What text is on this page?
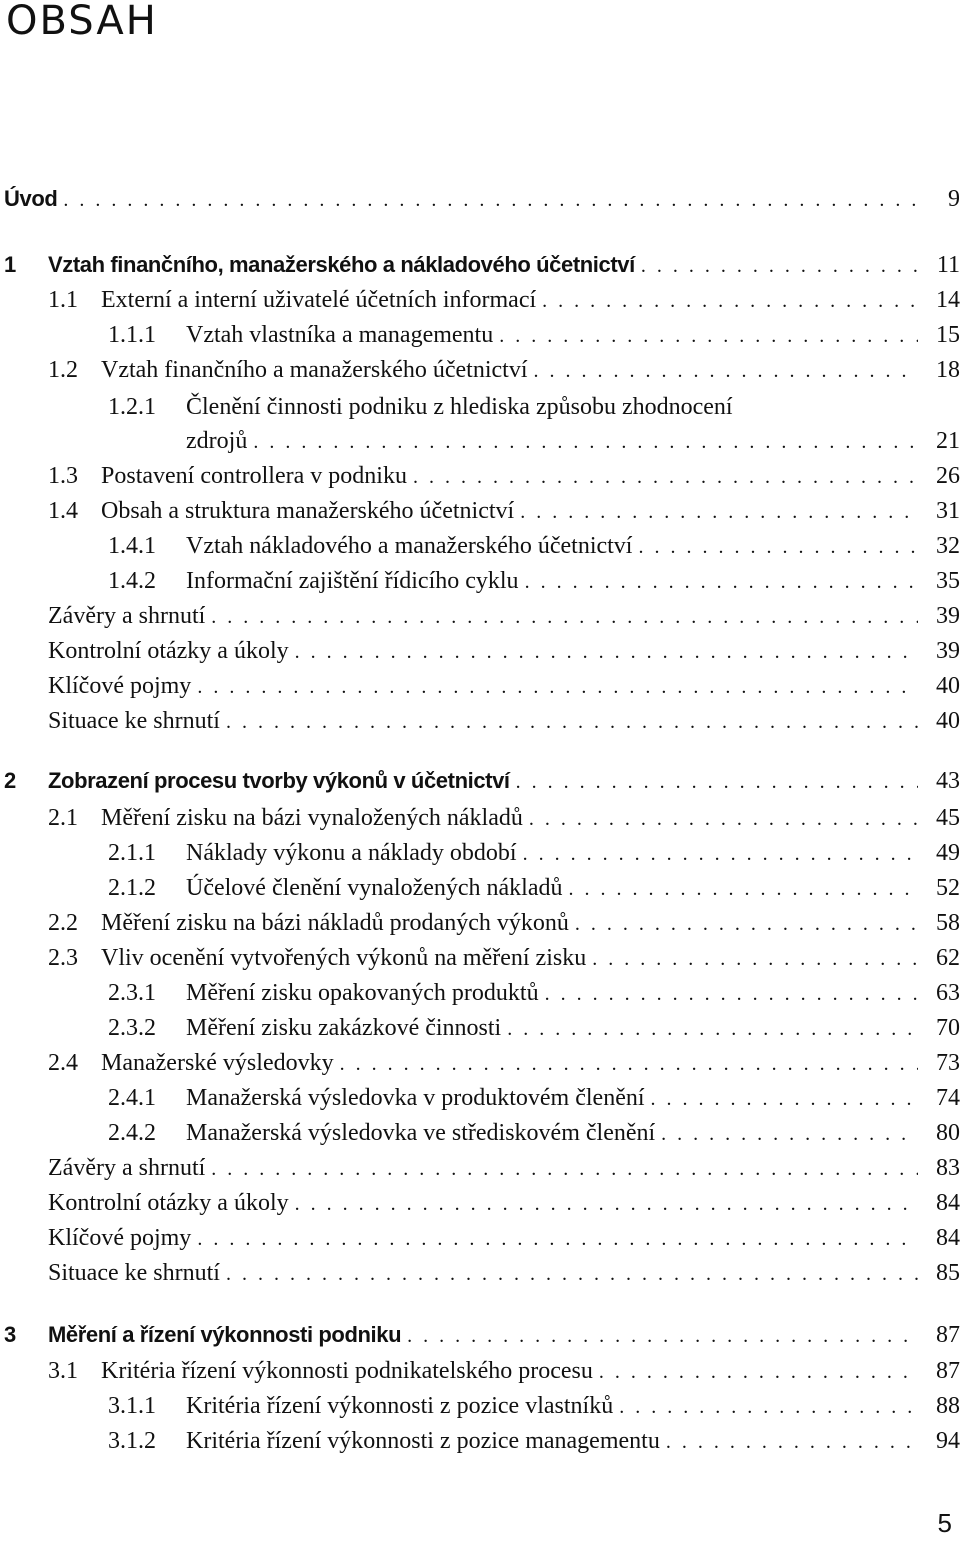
OBSAH
Úvod . . .	9
1 Vztah finančního, manažerského a nákladového účetnictví . . .	11
1.1 Externí a interní uživatelé účetních informací . . .	14
1.1.1 Vztah vlastníka a managementu . . .	15
1.2 Vztah finančního a manažerského účetnictví . . .	18
1.2.1 Členění činnosti podniku z hlediska způsobu zhodnocení
zdrojů . . .	21
1.3 Postavení controllera v podniku . . .	26
1.4 Obsah a struktura manažerského účetnictví . . .	31
1.4.1 Vztah nákladového a manažerského účetnictví . . .	32
1.4.2 Informační zajištění řídicího cyklu . . .	35
Závěry a shrnutí . . .	39
Kontrolní otázky a úkoly . . .	39
Klíčové pojmy . . .	40
Situace ke shrnutí . . .	40
2 Zobrazení procesu tvorby výkonů v účetnictví . . .	43
2.1 Měření zisku na bázi vynaložených nákladů . . .	45
2.1.1 Náklady výkonu a náklady období . . .	49
2.1.2 Účelové členění vynaložených nákladů . . .	52
2.2 Měření zisku na bázi nákladů prodaných výkonů . . .	58
2.3 Vliv ocenění vytvořených výkonů na měření zisku . . .	62
2.3.1 Měření zisku opakovaných produktů . . .	63
2.3.2 Měření zisku zakázkové činnosti . . .	70
2.4 Manažerské výsledovky . . .	73
2.4.1 Manažerská výsledovka v produktovém členění . . .	74
2.4.2 Manažerská výsledovka ve střediskovém členění . . .	80
Závěry a shrnutí . . .	83
Kontrolní otázky a úkoly . . .	84
Klíčové pojmy . . .	84
Situace ke shrnutí . . .	85
3 Měření a řízení výkonnosti podniku . . .	87
3.1 Kritéria řízení výkonnosti podnikatelského procesu . . .	87
3.1.1 Kritéria řízení výkonnosti z pozice vlastníků . . .	88
3.1.2 Kritéria řízení výkonnosti z pozice managementu . . .	94
5
